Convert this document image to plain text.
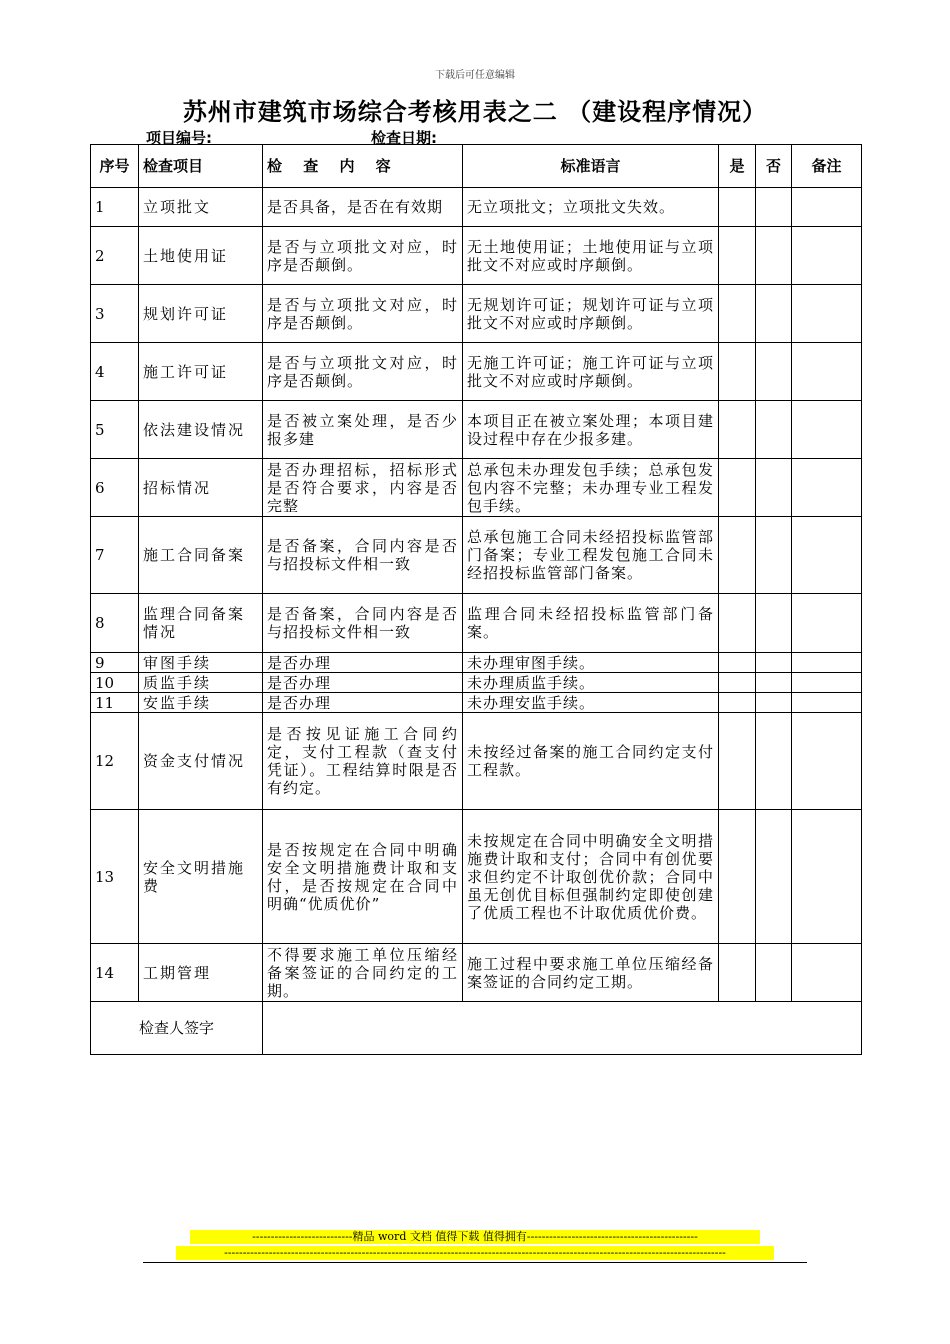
下载后可任意编辑
苏州市建筑市场综合考核用表之二 （建设程序情况）
项目编号:	检查日期:
序号	检查项目	检 查 内 容	标准语言	是	否	备注
1	立项批文	是否具备，是否在有效期	无立项批文；立项批文失效。			
2	土地使用证	是否与立项批文对应，时序是否颠倒。	无土地使用证；土地使用证与立项批文不对应或时序颠倒。			
3	规划许可证	是否与立项批文对应，时序是否颠倒。	无规划许可证；规划许可证与立项批文不对应或时序颠倒。			
4	施工许可证	是否与立项批文对应，时序是否颠倒。	无施工许可证；施工许可证与立项批文不对应或时序颠倒。			
5	依法建设情况	是否被立案处理，是否少报多建	本项目正在被立案处理；本项目建设过程中存在少报多建。			
6	招标情况	是否办理招标，招标形式是否符合要求，内容是否完整	总承包未办理发包手续；总承包发包内容不完整；未办理专业工程发包手续。			
7	施工合同备案	是否备案，合同内容是否与招投标文件相一致	总承包施工合同未经招投标监管部门备案；专业工程发包施工合同未经招投标监管部门备案。			
8	监理合同备案情况	是否备案，合同内容是否与招投标文件相一致	监理合同未经招投标监管部门备案。			
9	审图手续	是否办理	未办理审图手续。			
10	质监手续	是否办理	未办理质监手续。			
11	安监手续	是否办理	未办理安监手续。			
12	资金支付情况	是否按见证施工合同约定，支付工程款（查支付凭证）。工程结算时限是否有约定。	未按经过备案的施工合同约定支付工程款。			
13	安全文明措施费	是否按规定在合同中明确安全文明措施费计取和支付，是否按规定在合同中明确“优质优价”	未按规定在合同中明确安全文明措施费计取和支付；合同中有创优要求但约定不计取创优价款；合同中虽无创优目标但强制约定即使创建了优质工程也不计取优质优价费。			
14	工期管理	不得要求施工单位压缩经备案签证的合同约定的工期。	施工过程中要求施工单位压缩经备案签证的合同约定工期。			
检查人签字						
---------------------------精品 word 文档 值得下载 值得拥有----------------------------------------------
---------------------------------------------------------------------------------------------------------------------------------------
